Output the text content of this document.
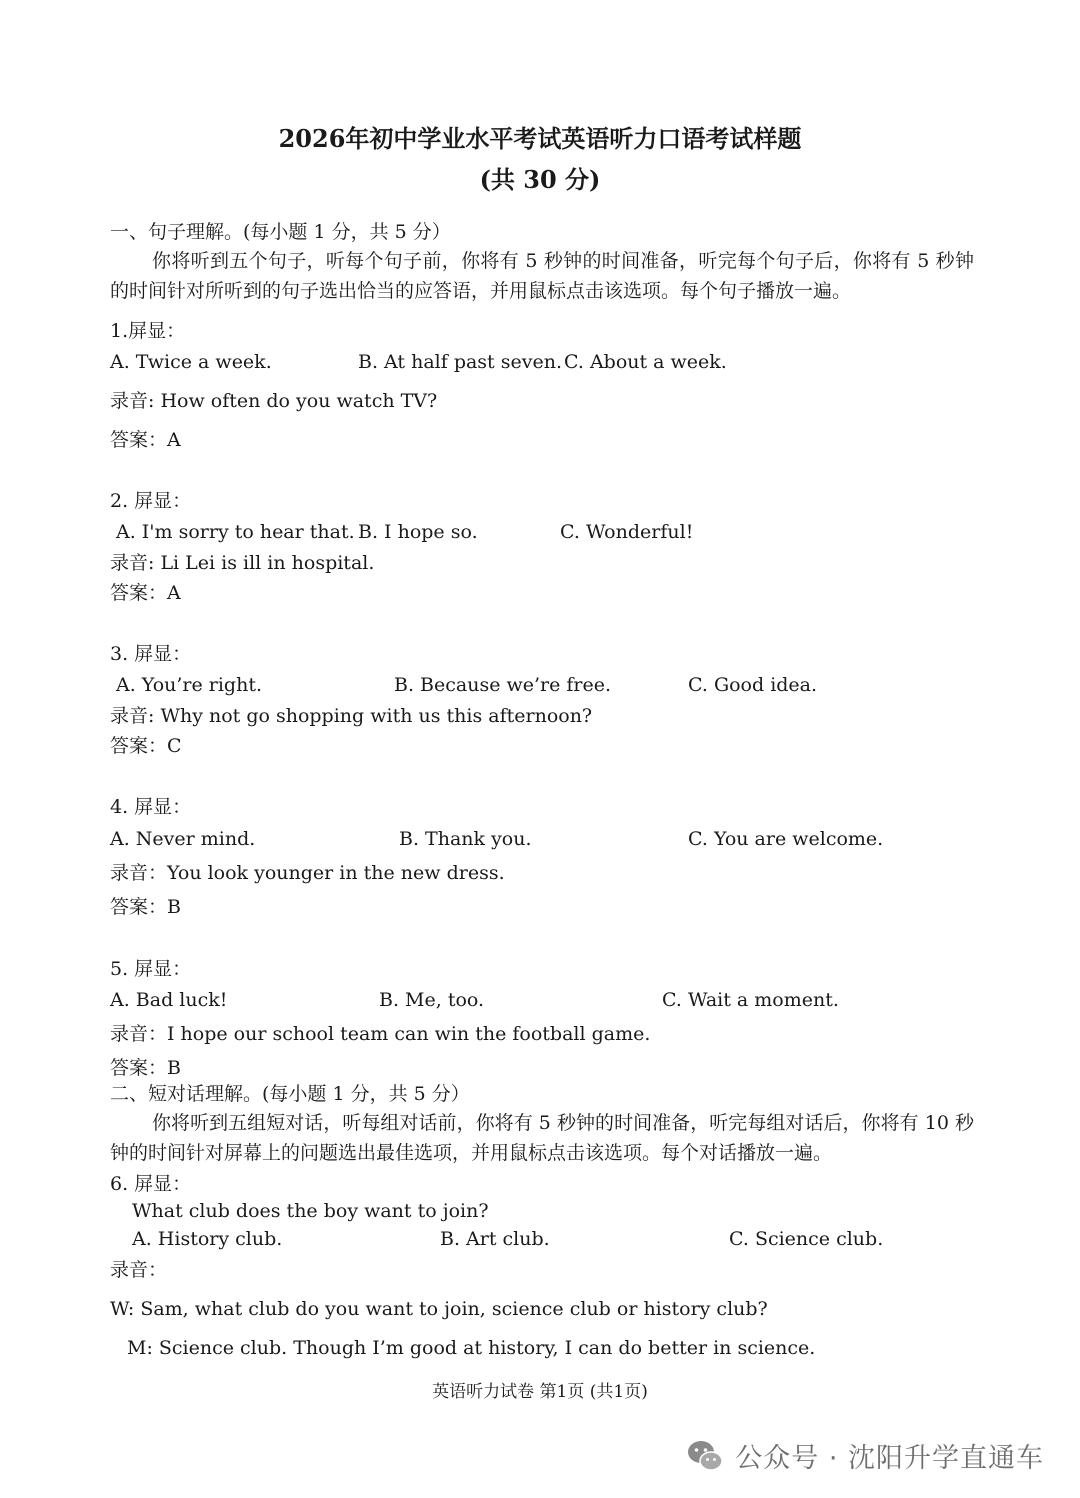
2026年初中学业水平考试英语听力口语考试样题
(共 30 分)
一、句子理解。(每小题 1 分，共 5 分）
你将听到五个句子，听每个句子前，你将有 5 秒钟的时间准备，听完每个句子后，你将有 5 秒钟的时间针对所听到的句子选出恰当的应答语，并用鼠标点击该选项。每个句子播放一遍。
1.屏显：
A. Twice a week.	B. At half past seven. C. About a week.
录音: How often do you watch TV?
答案：A
2. 屏显：
A. I'm sorry to hear that. B. I hope so.	C. Wonderful!
录音: Li Lei is ill in hospital.
答案：A
3. 屏显：
A. You’re right.	B. Because we’re free.	C. Good idea.
录音: Why not go shopping with us this afternoon?
答案：C
4. 屏显：
A. Never mind.	B. Thank you.	C. You are welcome.
录音：You look younger in the new dress.
答案：B
5. 屏显：
A. Bad luck!	B. Me, too.	C. Wait a moment.
录音：I hope our school team can win the football game.
答案：B
二、短对话理解。(每小题 1 分，共 5 分）
你将听到五组短对话，听每组对话前，你将有 5 秒钟的时间准备，听完每组对话后，你将有 10 秒钟的时间针对屏幕上的问题选出最佳选项，并用鼠标点击该选项。每个对话播放一遍。
6. 屏显：
What club does the boy want to join?
A. History club.	B. Art club.	C. Science club.
录音：
W: Sam, what club do you want to join, science club or history club?
M: Science club. Though I’m good at history, I can do better in science.
英语听力试卷 第1页 (共1页)
公众号 · 沈阳升学直通车
